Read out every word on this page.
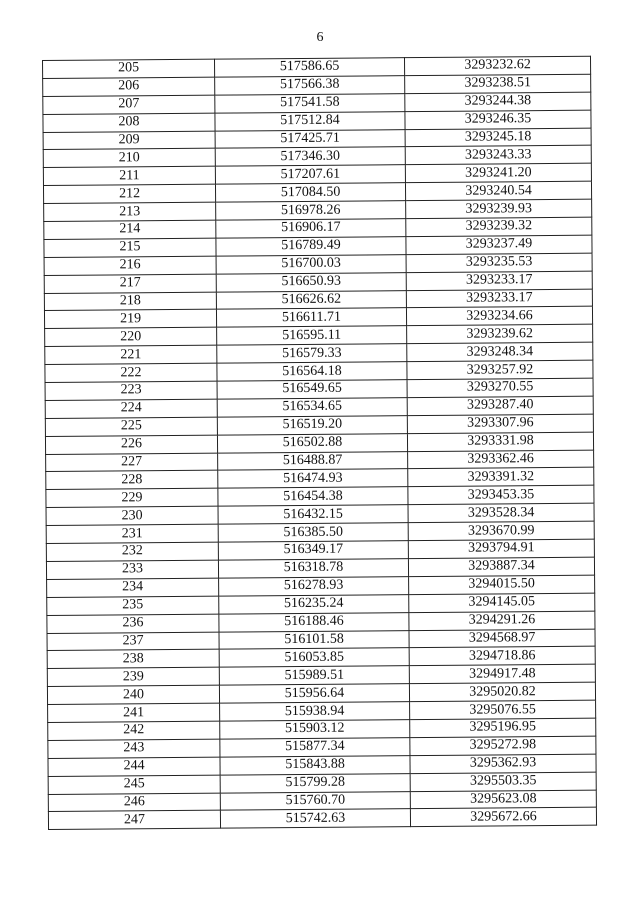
6
205	517586.65	3293232.62
206	517566.38	3293238.51
207	517541.58	3293244.38
208	517512.84	3293246.35
209	517425.71	3293245.18
210	517346.30	3293243.33
211	517207.61	3293241.20
212	517084.50	3293240.54
213	516978.26	3293239.93
214	516906.17	3293239.32
215	516789.49	3293237.49
216	516700.03	3293235.53
217	516650.93	3293233.17
218	516626.62	3293233.17
219	516611.71	3293234.66
220	516595.11	3293239.62
221	516579.33	3293248.34
222	516564.18	3293257.92
223	516549.65	3293270.55
224	516534.65	3293287.40
225	516519.20	3293307.96
226	516502.88	3293331.98
227	516488.87	3293362.46
228	516474.93	3293391.32
229	516454.38	3293453.35
230	516432.15	3293528.34
231	516385.50	3293670.99
232	516349.17	3293794.91
233	516318.78	3293887.34
234	516278.93	3294015.50
235	516235.24	3294145.05
236	516188.46	3294291.26
237	516101.58	3294568.97
238	516053.85	3294718.86
239	515989.51	3294917.48
240	515956.64	3295020.82
241	515938.94	3295076.55
242	515903.12	3295196.95
243	515877.34	3295272.98
244	515843.88	3295362.93
245	515799.28	3295503.35
246	515760.70	3295623.08
247	515742.63	3295672.66
